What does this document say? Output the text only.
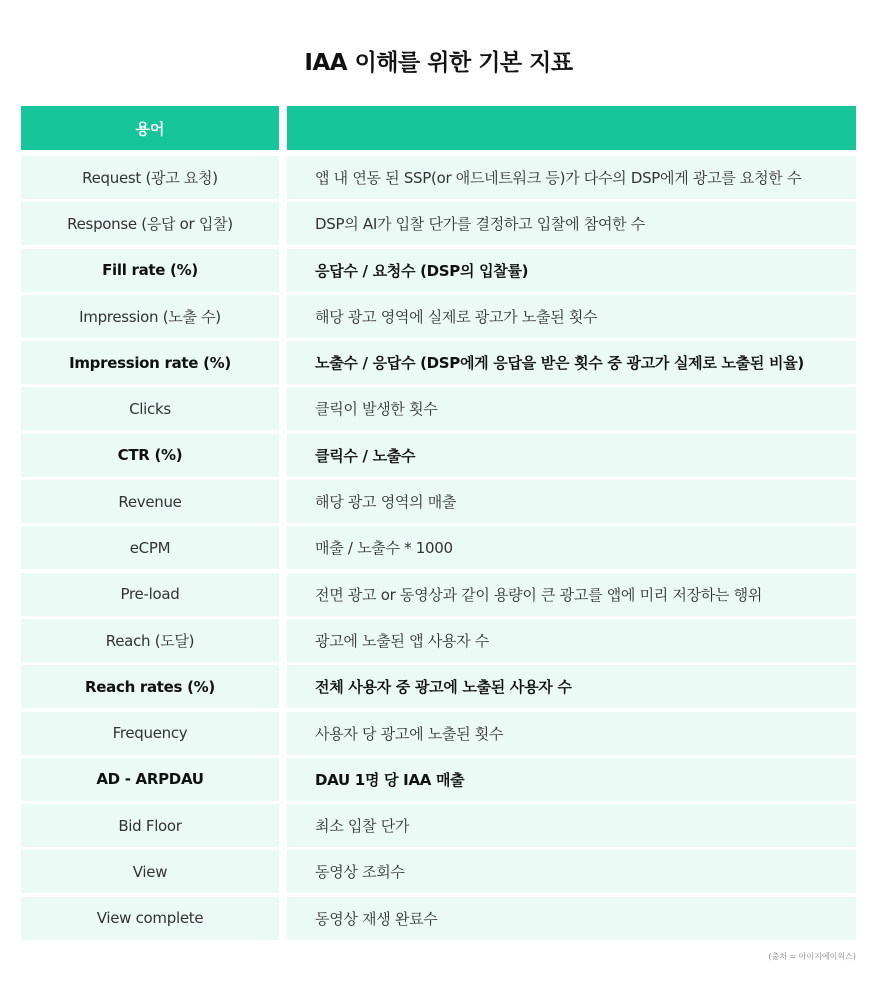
IAA 이해를 위한 기본 지표
용어
Request (광고 요청)	앱 내 연동 된 SSP(or 애드네트워크 등)가 다수의 DSP에게 광고를 요청한 수
Response (응답 or 입찰)	DSP의 AI가 입찰 단가를 결정하고 입찰에 참여한 수
Fill rate (%)	응답수 / 요청수 (DSP의 입찰률)
Impression (노출 수)	해당 광고 영역에 실제로 광고가 노출된 횟수
Impression rate (%)	노출수 / 응답수 (DSP에게 응답을 받은 횟수 중 광고가 실제로 노출된 비율)
Clicks	클릭이 발생한 횟수
CTR (%)	클릭수 / 노출수
Revenue	해당 광고 영역의 매출
eCPM	매출 / 노출수 * 1000
Pre-load	전면 광고 or 동영상과 같이 용량이 큰 광고를 앱에 미리 저장하는 행위
Reach (도달)	광고에 노출된 앱 사용자 수
Reach rates (%)	전체 사용자 중 광고에 노출된 사용자 수
Frequency	사용자 당 광고에 노출된 횟수
AD - ARPDAU	DAU 1명 당 IAA 매출
Bid Floor	최소 입찰 단가
View	동영상 조회수
View complete	동영상 재생 완료수
(출처 = 아이지에이웍스)
